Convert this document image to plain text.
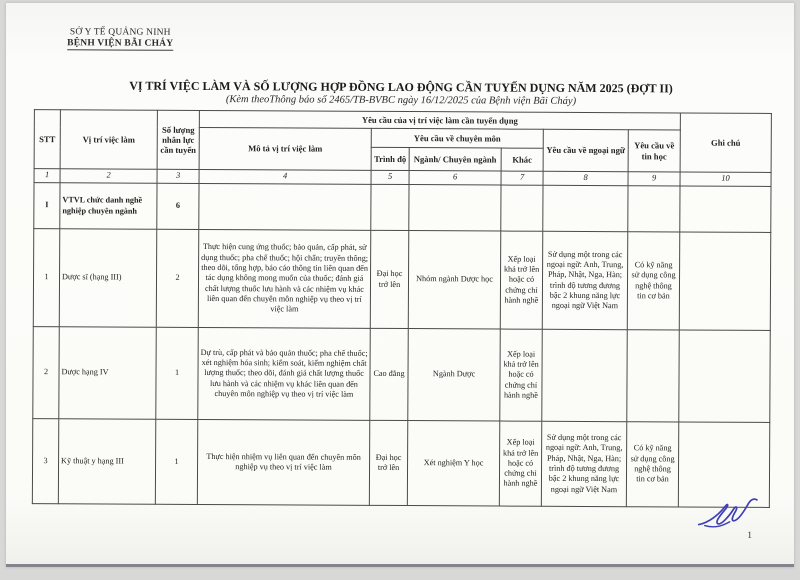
SỞ Y TẾ QUẢNG NINH
BỆNH VIỆN BÃI CHÁY
VỊ TRÍ VIỆC LÀM VÀ SỐ LƯỢNG HỢP ĐỒNG LAO ĐỘNG CẦN TUYỂN DỤNG NĂM 2025 (ĐỢT II)
(Kèm theoThông báo số 2465/TB-BVBC ngày 16/12/2025 của Bệnh viện Bãi Cháy)
STT	Vị trí việc làm	Số lượng nhân lực cần tuyển	Yêu cầu của vị trí việc làm cần tuyển dụng						Ghi chú
			Mô tả vị trí việc làm	Yêu cầu về chuyên môn			Yêu cầu về ngoại ngữ	Yêu cầu về tin học	
				Trình độ	Ngành/ Chuyên ngành	Khác			
1	2	3	4	5	6	7	8	9	10
I	VTVL chức danh nghề nghiệp chuyên ngành	6							
1	Dược sĩ (hạng III)	2	Thực hiện cung ứng thuốc; bảo quản, cấp phát, sử dụng thuốc; pha chế thuốc; hội chẩn; truyền thông; theo dõi, tổng hợp, báo cáo thông tin liên quan đến tác dụng không mong muốn của thuốc; đánh giá chất lượng thuốc lưu hành và các nhiệm vụ khác liên quan đến chuyên môn nghiệp vụ theo vị trí việc làm	Đại học trở lên	Nhóm ngành Dược học	Xếp loại khá trở lên hoặc có chứng chỉ hành nghề	Sử dụng một trong các ngoại ngữ: Anh, Trung, Pháp, Nhật, Nga, Hàn; trình độ tương đương bậc 2 khung năng lực ngoại ngữ Việt Nam	Có kỹ năng sử dụng công nghệ thông tin cơ bản	
2	Dược hạng IV	1	Dự trù, cấp phát và bảo quản thuốc; pha chế thuốc; xét nghiệm hóa sinh; kiểm soát, kiểm nghiệm chất lượng thuốc; theo dõi, đánh giá chất lượng thuốc lưu hành và các nhiệm vụ khác liên quan đến chuyên môn nghiệp vụ theo vị trí việc làm	Cao đẳng	Ngành Dược	Xếp loại khá trở lên hoặc có chứng chỉ hành nghề			
3	Kỹ thuật y hạng III	1	Thực hiện nhiệm vụ liên quan đến chuyên môn nghiệp vụ theo vị trí việc làm	Đại học trở lên	Xét nghiệm Y học	Xếp loại khá trở lên hoặc có chứng chỉ hành nghề	Sử dụng một trong các ngoại ngữ: Anh, Trung, Pháp, Nhật, Nga, Hàn; trình độ tương đương bậc 2 khung năng lực ngoại ngữ Việt Nam	Có kỹ năng sử dụng công nghệ thông tin cơ bản	
1
